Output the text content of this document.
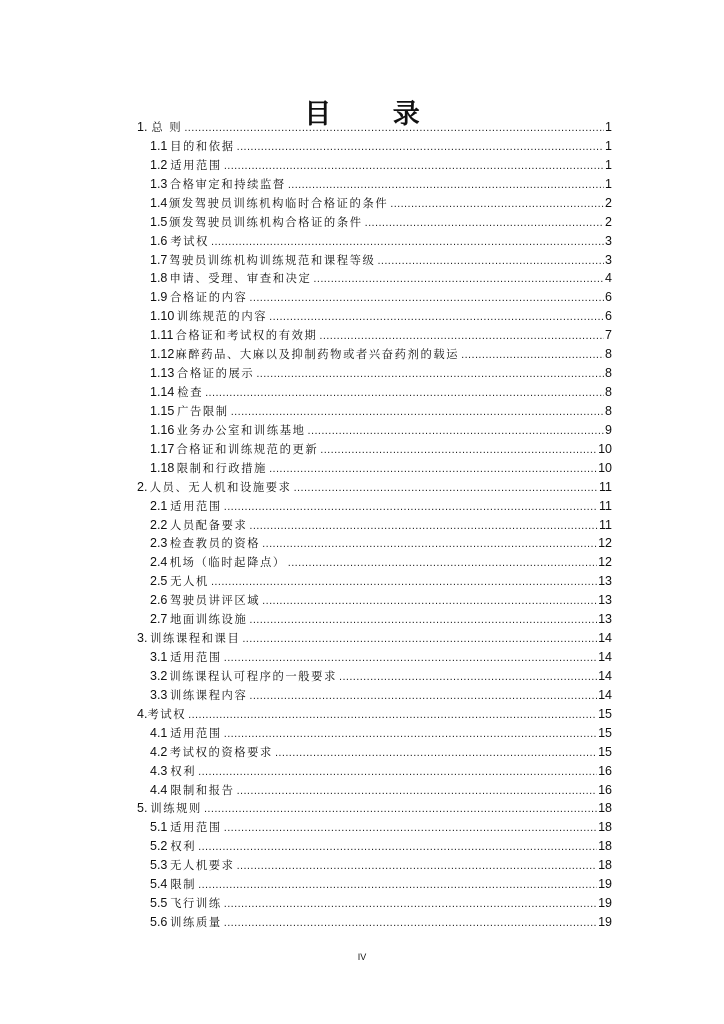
目 录
1. 总 则 .....	1
1.1 目的和依据 .....	1
1.2 适用范围 .....	1
1.3 合格审定和持续监督 .....	1
1.4 颁发驾驶员训练机构临时合格证的条件 .....	2
1.5 颁发驾驶员训练机构合格证的条件 .....	2
1.6 考试权 .....	3
1.7 驾驶员训练机构训练规范和课程等级 .....	3
1.8 申请、受理、审查和决定 .....	4
1.9 合格证的内容 .....	6
1.10 训练规范的内容 .....	6
1.11 合格证和考试权的有效期 .....	7
1.12 麻醉药品、大麻以及抑制药物或者兴奋药剂的载运 .....	8
1.13 合格证的展示 .....	8
1.14 检查 .....	8
1.15 广告限制 .....	8
1.16 业务办公室和训练基地 .....	9
1.17 合格证和训练规范的更新 .....	10
1.18 限制和行政措施 .....	10
2. 人员、无人机和设施要求 .....	11
2.1 适用范围 .....	11
2.2 人员配备要求 .....	11
2.3 检查教员的资格 .....	12
2.4 机场（临时起降点） .....	12
2.5 无人机 .....	13
2.6 驾驶员讲评区域 .....	13
2.7 地面训练设施 .....	13
3. 训练课程和课目 .....	14
3.1 适用范围 .....	14
3.2 训练课程认可程序的一般要求 .....	14
3.3 训练课程内容 .....	14
4. 考试权 .....	15
4.1 适用范围 .....	15
4.2 考试权的资格要求 .....	15
4.3 权利 .....	16
4.4 限制和报告 .....	16
5. 训练规则 .....	18
5.1 适用范围 .....	18
5.2 权利 .....	18
5.3 无人机要求 .....	18
5.4 限制 .....	19
5.5 飞行训练 .....	19
5.6 训练质量 .....	19
IV
